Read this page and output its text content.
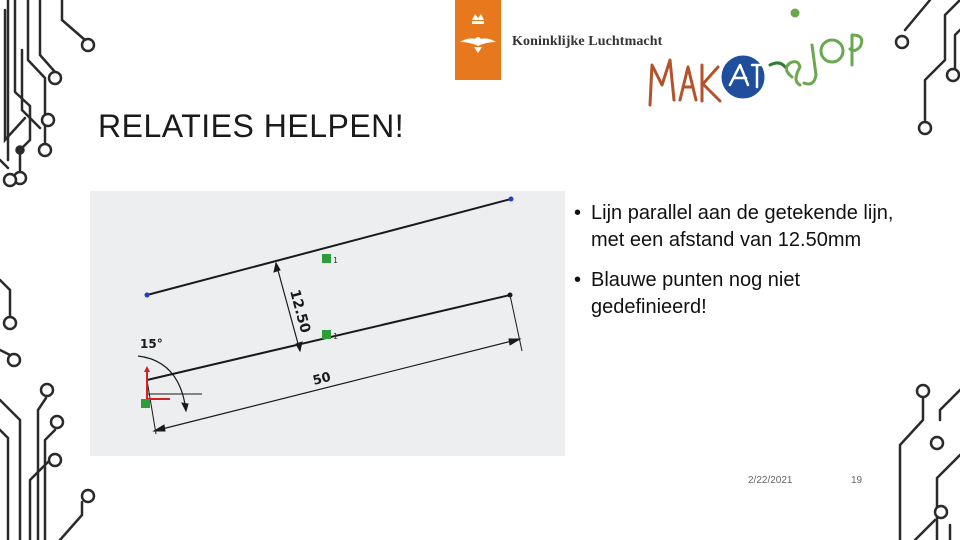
Koninklijke Luchtmacht
RELATIES HELPEN!
1
1
12.50
15°
50
• Lijn parallel aan de getekende lijn, met een afstand van 12.50mm
• Blauwe punten nog niet gedefinieerd!
2/22/2021	19
